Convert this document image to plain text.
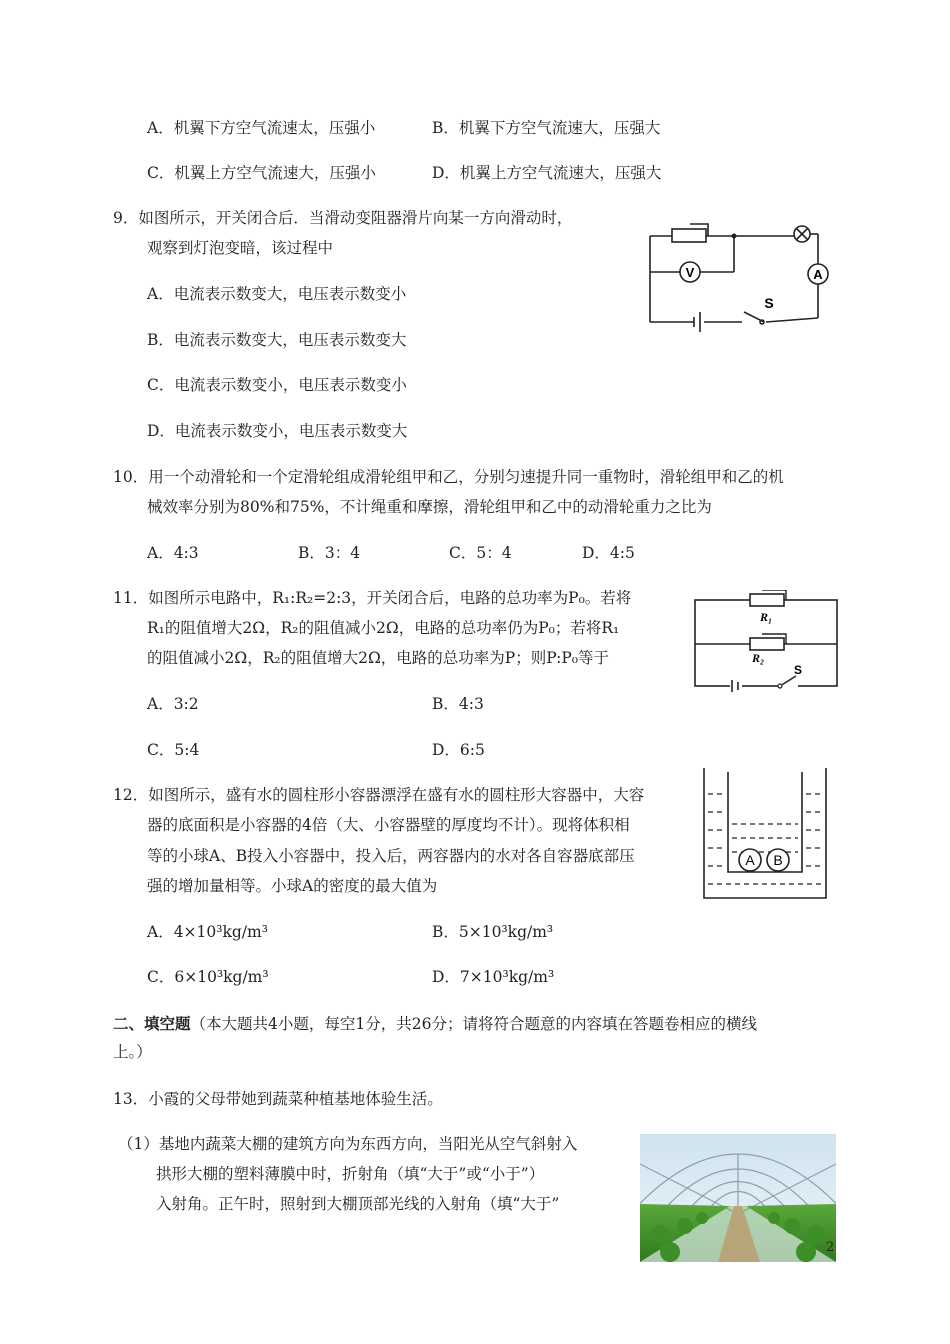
A．机翼下方空气流速太，压强小	B．机翼下方空气流速大，压强大
C．机翼上方空气流速大，压强小	D．机翼上方空气流速大，压强大
9．如图所示，开关闭合后．当滑动变阻器滑片向某一方向滑动时，
观察到灯泡变暗，该过程中
A．电流表示数变大，电压表示数变小
B．电流表示数变大，电压表示数变大
C．电流表示数变小，电压表示数变小
D．电流表示数变小，电压表示数变大
V	A
S
10．用一个动滑轮和一个定滑轮组成滑轮组甲和乙，分别匀速提升同一重物时，滑轮组甲和乙的机
械效率分别为80%和75%，不计绳重和摩擦，滑轮组甲和乙中的动滑轮重力之比为
A．4:3	B．3：4	C．5：4	D．4:5
11．如图所示电路中，R₁:R₂=2:3，开关闭合后，电路的总功率为P₀。若将
R₁的阻值增大2Ω，R₂的阻值减小2Ω，电路的总功率仍为P₀；若将R₁
的阻值减小2Ω，R₂的阻值增大2Ω，电路的总功率为P；则P:P₀等于
A．3:2	B．4:3
C．5:4	D．6:5
R₁
R₂
S
12．如图所示，盛有水的圆柱形小容器漂浮在盛有水的圆柱形大容器中，大容
器的底面积是小容器的4倍（大、小容器壁的厚度均不计）。现将体积相
等的小球A、B投入小容器中，投入后，两容器内的水对各自容器底部压
强的增加量相等。小球A的密度的最大值为
A．4×10³kg/m³	B．5×10³kg/m³
C．6×10³kg/m³	D．7×10³kg/m³
A B
二、填空题（本大题共4小题，每空1分，共26分；请将符合题意的内容填在答题卷相应的横线
上。）
13．小霞的父母带她到蔬菜种植基地体验生活。
（1）基地内蔬菜大棚的建筑方向为东西方向，当阳光从空气斜射入
拱形大棚的塑料薄膜中时，折射角（填“大于”或“小于”）
入射角。正午时，照射到大棚顶部光线的入射角（填“大于”
2
